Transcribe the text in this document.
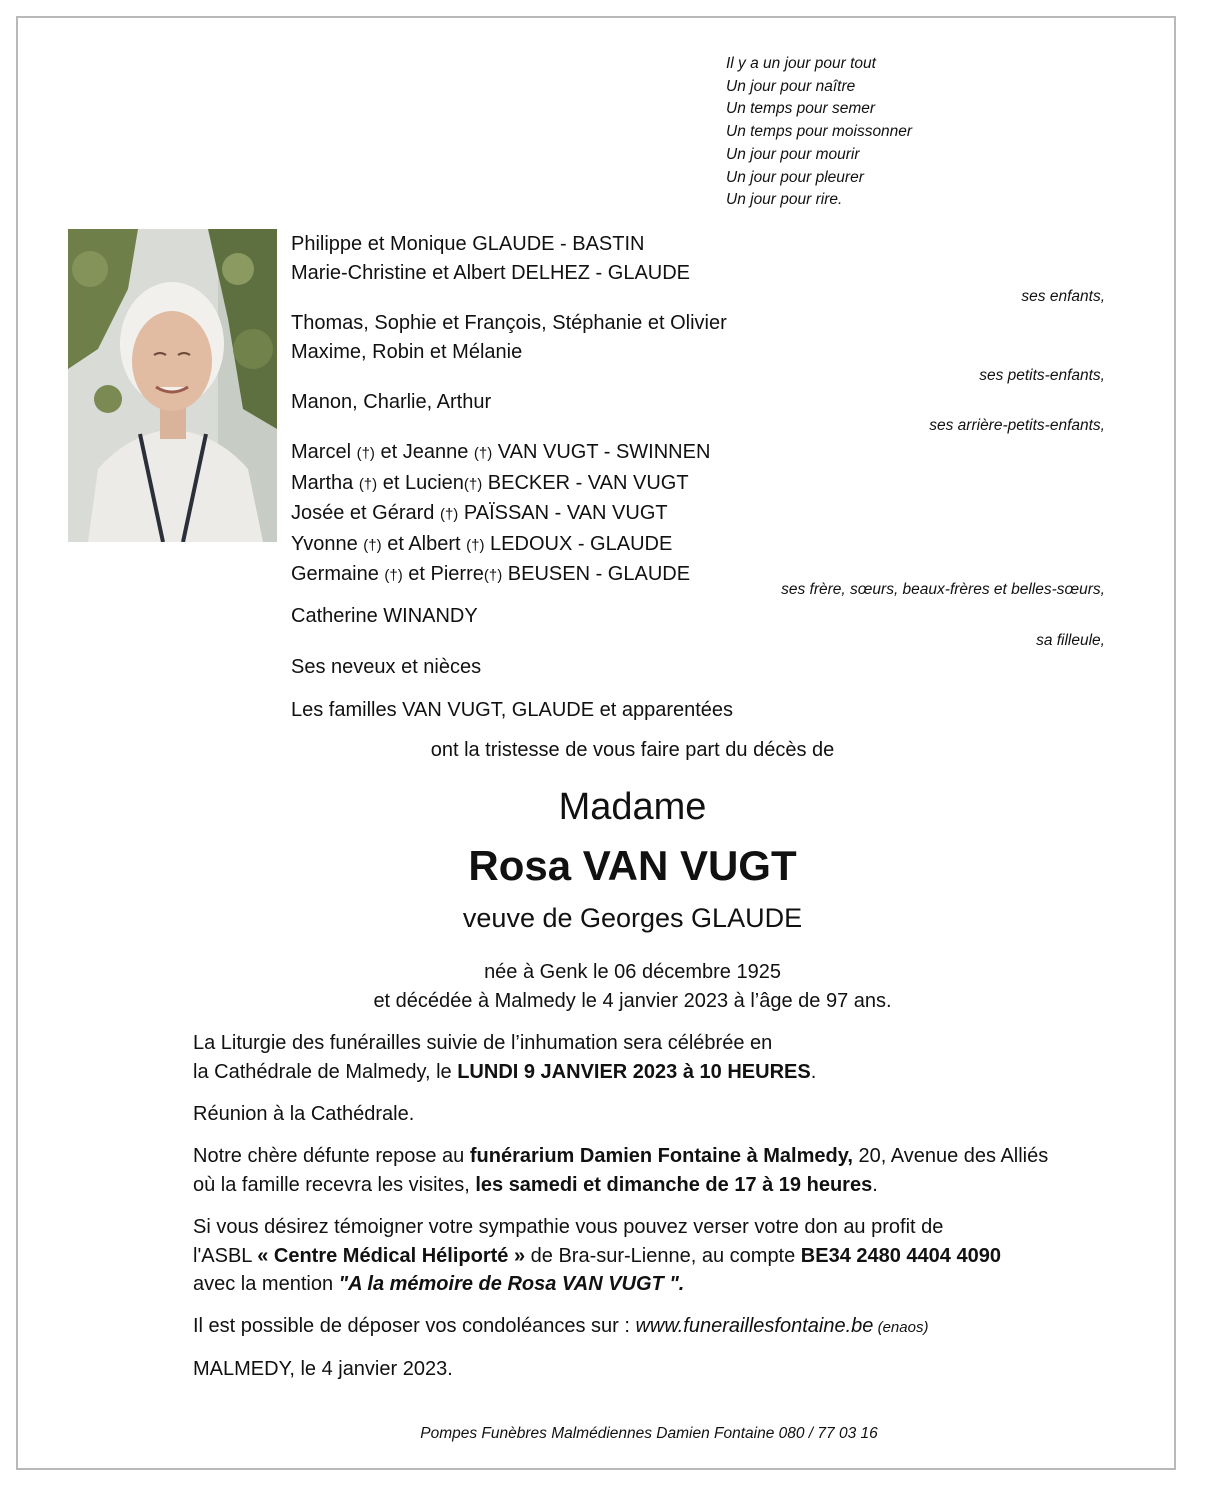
Il y a un jour pour tout
Un jour pour naître
Un temps pour semer
Un temps pour moissonner
Un jour pour mourir
Un jour pour pleurer
Un jour pour rire.
Philippe et Monique GLAUDE - BASTIN
Marie-Christine et Albert DELHEZ - GLAUDE
ses enfants,
Thomas, Sophie et François, Stéphanie et Olivier
Maxime, Robin et Mélanie
ses petits-enfants,
Manon, Charlie, Arthur
ses arrière-petits-enfants,
Marcel (†) et Jeanne (†) VAN VUGT - SWINNEN
Martha (†) et Lucien(†) BECKER - VAN VUGT
Josée et Gérard (†) PAÏSSAN - VAN VUGT
Yvonne (†) et Albert (†) LEDOUX - GLAUDE
Germaine (†) et Pierre(†) BEUSEN - GLAUDE
ses frère, sœurs, beaux-frères et belles-sœurs,
Catherine WINANDY
sa filleule,
Ses neveux et nièces
Les familles VAN VUGT, GLAUDE et apparentées
ont la tristesse de vous faire part du décès de
Madame
Rosa VAN VUGT
veuve de Georges GLAUDE
née à Genk le 06 décembre 1925
et décédée à Malmedy le 4 janvier 2023 à l’âge de 97 ans.
La Liturgie des funérailles suivie de l’inhumation sera célébrée en
la Cathédrale de Malmedy, le LUNDI 9 JANVIER 2023 à 10 HEURES.
Réunion à la Cathédrale.
Notre chère défunte repose au funérarium Damien Fontaine à Malmedy, 20, Avenue des Alliés
où la famille recevra les visites, les samedi et dimanche de 17 à 19 heures.
Si vous désirez témoigner votre sympathie vous pouvez verser votre don au profit de
l'ASBL « Centre Médical Héliporté » de Bra-sur-Lienne, au compte BE34 2480 4404 4090
avec la mention "A la mémoire de Rosa VAN VUGT ".
Il est possible de déposer vos condoléances sur : www.funeraillesfontaine.be (enaos)
MALMEDY, le 4 janvier 2023.
Pompes Funèbres Malmédiennes Damien Fontaine 080 / 77 03 16
